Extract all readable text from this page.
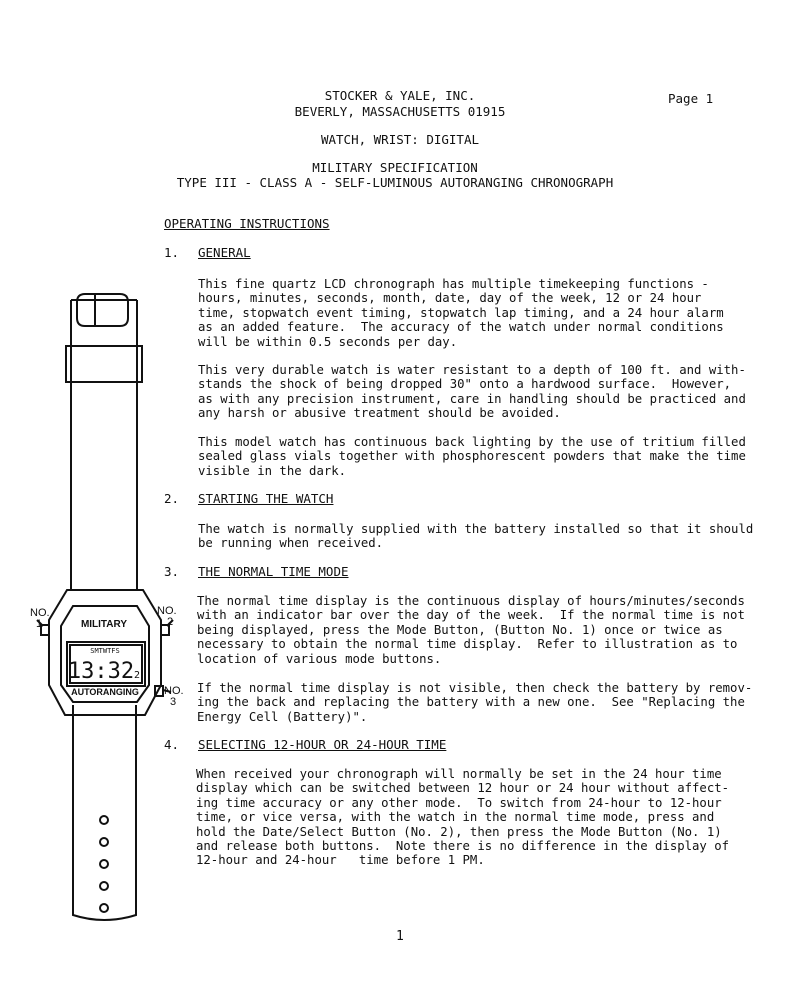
STOCKER & YALE, INC.
BEVERLY, MASSACHUSETTS 01915
Page 1
WATCH, WRIST: DIGITAL
MILITARY SPECIFICATION
TYPE III - CLASS A - SELF-LUMINOUS AUTORANGING CHRONOGRAPH
OPERATING INSTRUCTIONS
1. GENERAL
This fine quartz LCD chronograph has multiple timekeeping functions -
hours, minutes, seconds, month, date, day of the week, 12 or 24 hour
time, stopwatch event timing, stopwatch lap timing, and a 24 hour alarm
as an added feature.  The accuracy of the watch under normal conditions
will be within 0.5 seconds per day.
This very durable watch is water resistant to a depth of 100 ft. and with-
stands the shock of being dropped 30" onto a hardwood surface.  However,
as with any precision instrument, care in handling should be practiced and
any harsh or abusive treatment should be avoided.
This model watch has continuous back lighting by the use of tritium filled
sealed glass vials together with phosphorescent powders that make the time
visible in the dark.
2. STARTING THE WATCH
The watch is normally supplied with the battery installed so that it should
be running when received.
3. THE NORMAL TIME MODE
The normal time display is the continuous display of hours/minutes/seconds
with an indicator bar over the day of the week.  If the normal time is not
being displayed, press the Mode Button, (Button No. 1) once or twice as
necessary to obtain the normal time display.  Refer to illustration as to
location of various mode buttons.
If the normal time display is not visible, then check the battery by remov-
ing the back and replacing the battery with a new one.  See "Replacing the
Energy Cell (Battery)".
4. SELECTING 12-HOUR OR 24-HOUR TIME
When received your chronograph will normally be set in the 24 hour time
display which can be switched between 12 hour or 24 hour without affect-
ing time accuracy or any other mode.  To switch from 24-hour to 12-hour
time, or vice versa, with the watch in the normal time mode, press and
hold the Date/Select Button (No. 2), then press the Mode Button (No. 1)
and release both buttons.  Note there is no difference in the display of
12-hour and 24-hour   time before 1 PM.
1
MILITARY
AUTORANGING
SMTWTFS
13:32 2
NO.
1
NO.
2
NO.
3
